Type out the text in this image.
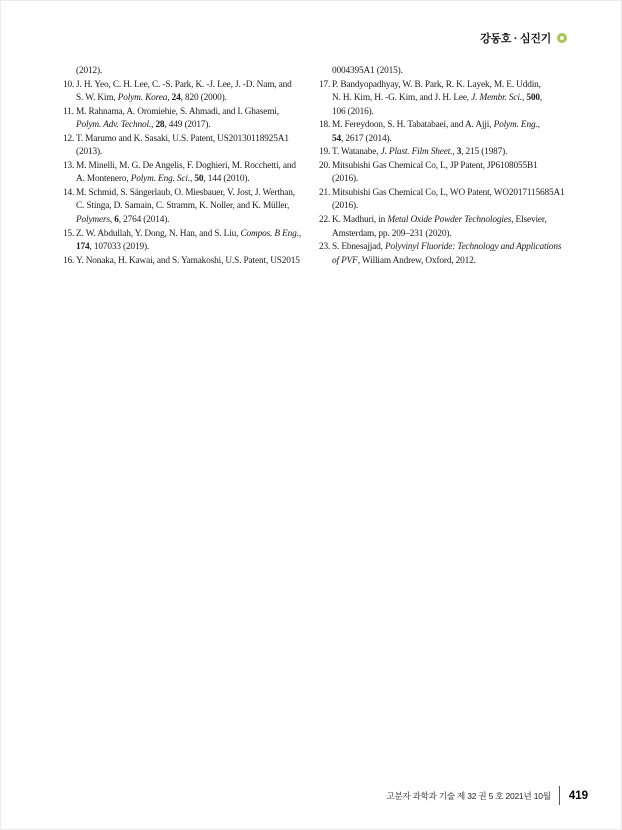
강동호 · 심진기
(2012).
10. J. H. Yeo, C. H. Lee, C. -S. Park, K. -J. Lee, J. -D. Nam, and
S. W. Kim, Polym. Korea, 24, 820 (2000).
11. M. Rahnama, A. Oromiehie, S. Ahmadi, and I. Ghasemi,
Polym. Adv. Technol., 28, 449 (2017).
12. T. Marumo and K. Sasaki, U.S. Patent, US20130118925A1
(2013).
13. M. Minelli, M. G. De Angelis, F. Doghieri, M. Rocchetti, and
A. Montenero, Polym. Eng. Sci., 50, 144 (2010).
14. M. Schmid, S. Sängerlaub, O. Miesbauer, V. Jost, J. Werthan,
C. Stinga, D. Samain, C. Stramm, K. Noller, and K. Müller,
Polymers, 6, 2764 (2014).
15. Z. W. Abdullah, Y. Dong, N. Han, and S. Liu, Compos. B Eng.,
174, 107033 (2019).
16. Y. Nonaka, H. Kawai, and S. Yamakoshi, U.S. Patent, US2015
0004395A1 (2015).
17. P. Bandyopadhyay, W. B. Park, R. K. Layek, M. E. Uddin,
N. H. Kim, H. -G. Kim, and J. H. Lee, J. Membr. Sci., 500,
106 (2016).
18. M. Fereydoon, S. H. Tabatabaei, and A. Ajji, Polym. Eng.,
54, 2617 (2014).
19. T. Watanabe, J. Plast. Film Sheet., 3, 215 (1987).
20. Mitsubishi Gas Chemical Co, L, JP Patent, JP6108055B1
(2016).
21. Mitsubishi Gas Chemical Co, L, WO Patent, WO2017115685A1
(2016).
22. K. Madhuri, in Metal Oxide Powder Technologies, Elsevier,
Amsterdam, pp. 209–231 (2020).
23. S. Ebnesajjad, Polyvinyl Fluoride: Technology and Applications
of PVF, William Andrew, Oxford, 2012.
고분자 과학과 기술 제 32 권 5 호 2021년 10월 419
